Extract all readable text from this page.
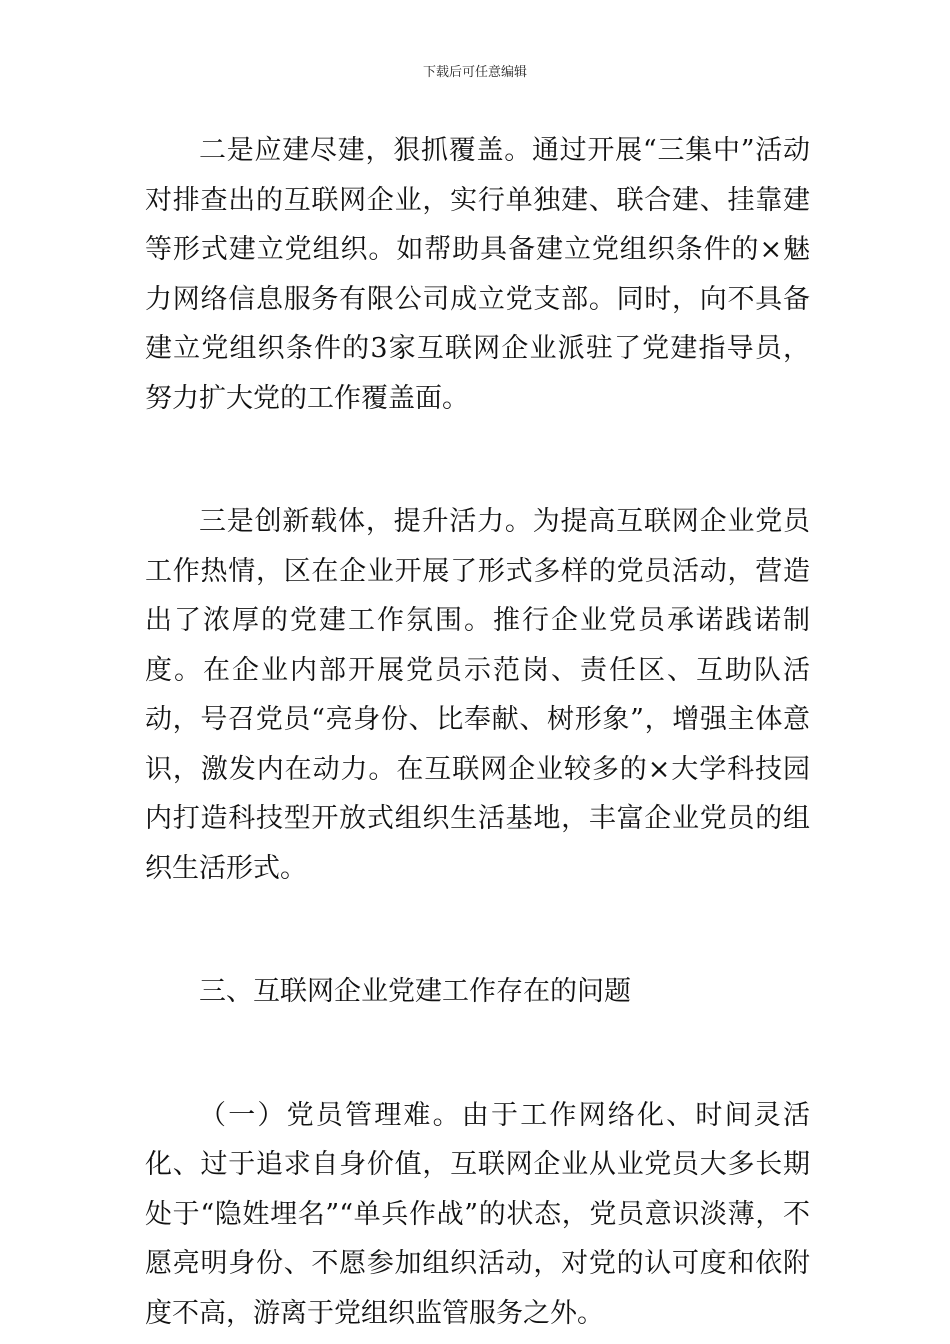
下载后可任意编辑

二是应建尽建，狠抓覆盖。通过开展“三集中”活动对排查出的互联网企业，实行单独建、联合建、挂靠建等形式建立党组织。如帮助具备建立党组织条件的×魅力网络信息服务有限公司成立党支部。同时，向不具备建立党组织条件的3家互联网企业派驻了党建指导员，努力扩大党的工作覆盖面。

三是创新载体，提升活力。为提高互联网企业党员工作热情，区在企业开展了形式多样的党员活动，营造出了浓厚的党建工作氛围。推行企业党员承诺践诺制度。在企业内部开展党员示范岗、责任区、互助队活动，号召党员“亮身份、比奉献、树形象”，增强主体意识，激发内在动力。在互联网企业较多的×大学科技园内打造科技型开放式组织生活基地，丰富企业党员的组织生活形式。

三、互联网企业党建工作存在的问题

（一）党员管理难。由于工作网络化、时间灵活化、过于追求自身价值，互联网企业从业党员大多长期处于“隐姓埋名”“单兵作战”的状态，党员意识淡薄，不愿亮明身份、不愿参加组织活动，对党的认可度和依附度不高，游离于党组织监管服务之外。
